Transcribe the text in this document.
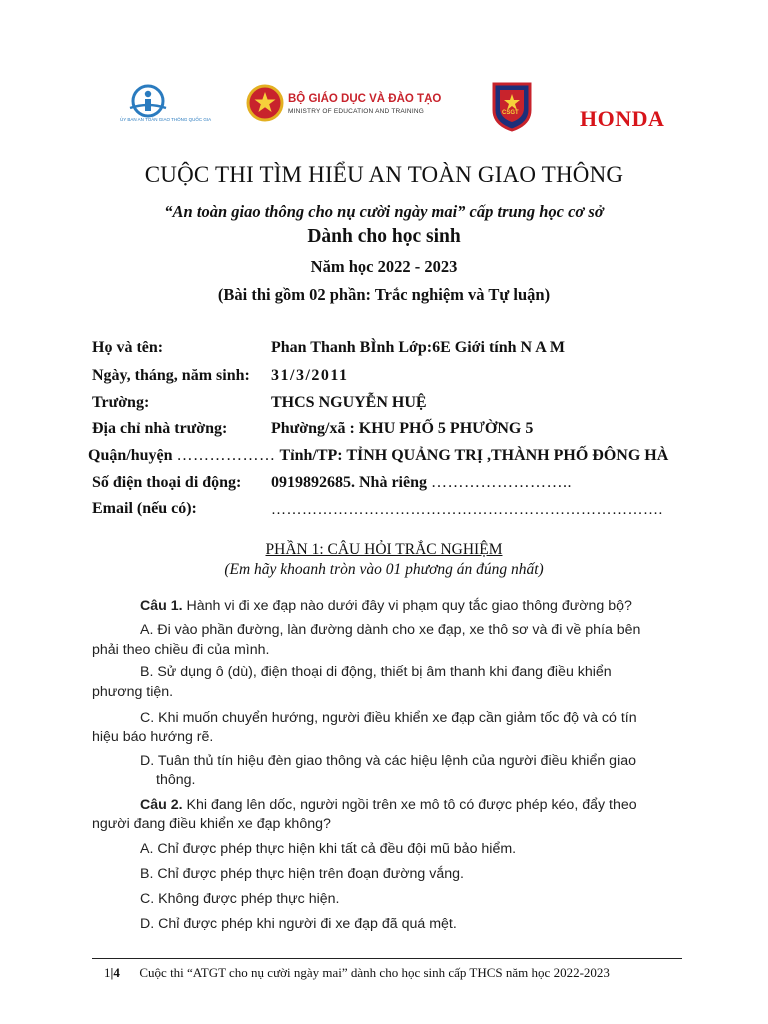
ỦY BAN AN TOÀN GIAO THÔNG QUỐC GIA
BỘ GIÁO DỤC VÀ ĐÀO TẠO
MINISTRY OF EDUCATION AND TRAINING	CSGT	HONDA
CUỘC THI TÌM HIỂU AN TOÀN GIAO THÔNG
“An toàn giao thông cho nụ cười ngày mai” cấp trung học cơ sở
Dành cho học sinh
Năm học 2022 - 2023
(Bài thi gồm 02 phần: Trắc nghiệm và Tự luận)
Họ và tên:	Phan Thanh BÌnh Lớp:6E Giới tính N A M
Ngày, tháng, năm sinh: 31/3/2011
Trường:	THCS NGUYỄN HUỆ
Địa chỉ nhà trường:	Phường/xã : KHU PHỐ 5 PHƯỜNG 5
Quận/huyện ……………… Tỉnh/TP: TỈNH QUẢNG TRỊ ,THÀNH PHỐ ĐÔNG HÀ
Số điện thoại di động: 0919892685. Nhà riêng ……………………..
Email (nếu có):	………………………………………………………………….
PHẦN 1: CÂU HỎI TRẮC NGHIỆM
(Em hãy khoanh tròn vào 01 phương án đúng nhất)
Câu 1. Hành vi đi xe đạp nào dưới đây vi phạm quy tắc giao thông đường bộ?
A. Đi vào phần đường, làn đường dành cho xe đạp, xe thô sơ và đi về phía bên
phải theo chiều đi của mình.
B. Sử dụng ô (dù), điện thoại di động, thiết bị âm thanh khi đang điều khiển
phương tiện.
C. Khi muốn chuyển hướng, người điều khiển xe đạp cần giảm tốc độ và có tín
hiệu báo hướng rẽ.
D. Tuân thủ tín hiệu đèn giao thông và các hiệu lệnh của người điều khiển giao
thông.
Câu 2. Khi đang lên dốc, người ngồi trên xe mô tô có được phép kéo, đẩy theo
người đang điều khiển xe đạp không?
A. Chỉ được phép thực hiện khi tất cả đều đội mũ bảo hiểm.
B. Chỉ được phép thực hiện trên đoạn đường vắng.
C. Không được phép thực hiện.
D. Chỉ được phép khi người đi xe đạp đã quá mệt.
1|4 Cuộc thi “ATGT cho nụ cười ngày mai” dành cho học sinh cấp THCS năm học 2022-2023
